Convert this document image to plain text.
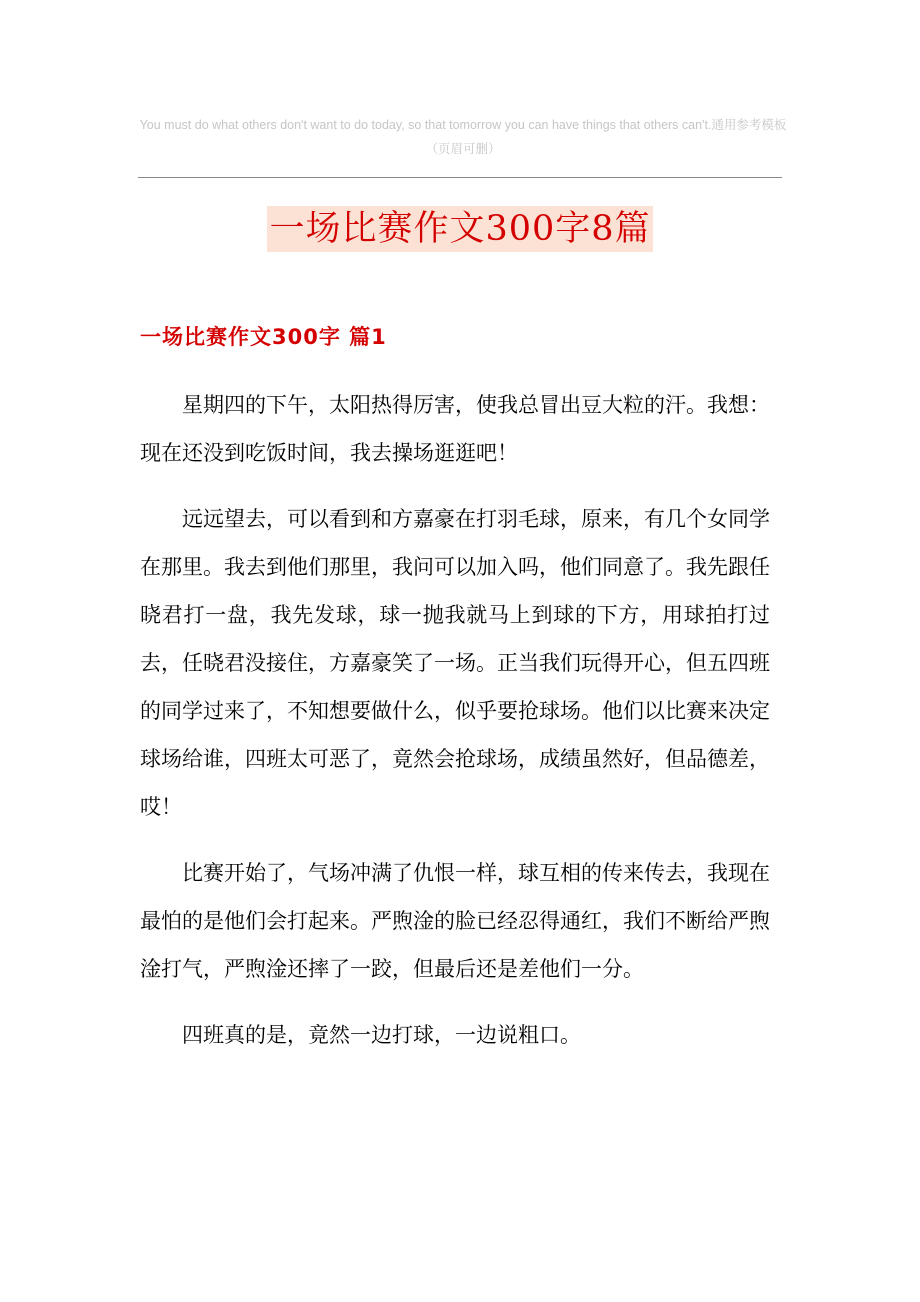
You must do what others don't want to do today, so that tomorrow you can have things that others can't.通用参考模板（页眉可删）
一场比赛作文300字8篇
一场比赛作文300字 篇1

星期四的下午，太阳热得厉害，使我总冒出豆大粒的汗。我想：现在还没到吃饭时间，我去操场逛逛吧！

远远望去，可以看到和方嘉豪在打羽毛球，原来，有几个女同学在那里。我去到他们那里，我问可以加入吗，他们同意了。我先跟任晓君打一盘，我先发球，球一抛我就马上到球的下方，用球拍打过去，任晓君没接住，方嘉豪笑了一场。正当我们玩得开心，但五四班的同学过来了，不知想要做什么，似乎要抢球场。他们以比赛来决定球场给谁，四班太可恶了，竟然会抢球场，成绩虽然好，但品德差，哎！

比赛开始了，气场冲满了仇恨一样，球互相的传来传去，我现在最怕的是他们会打起来。严煦淦的脸已经忍得通红，我们不断给严煦淦打气，严煦淦还摔了一跤，但最后还是差他们一分。

四班真的是，竟然一边打球，一边说粗口。
